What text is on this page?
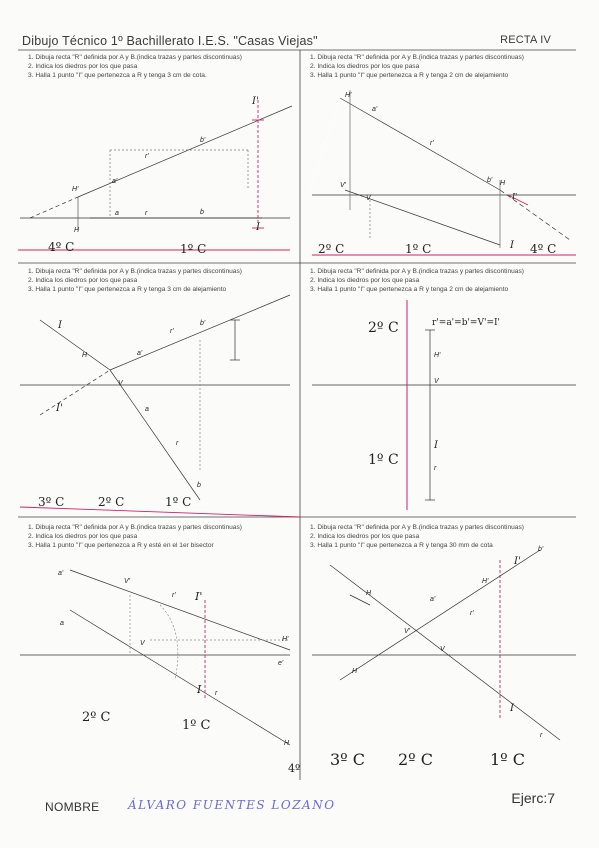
Dibujo Técnico 1º Bachillerato I.E.S. "Casas Viejas"	RECTA IV
1. Dibuja recta "R" definida por A y B.(indica trazas y partes discontinuas)
2. Indica los diedros por los que pasa
3. Halla 1 punto "I" que pertenezca a R y tenga 3 cm de cota.
H'
H
a'
r'
b'
I'
I
a	r	b
4º C	1º C
1. Dibuja recta "R" definida por A y B.(indica trazas y partes discontinuas)
2. Indica los diedros por los que pasa
3. Halla 1 punto "I" que pertenezca a R y tenga 2 cm de alejamiento
H'
a'
r'
V'	H
V
b'
I'
I
2º C	1º C	4º C
1. Dibuja recta "R" definida por A y B.(indica trazas y partes discontinuas)
2. Indica los diedros por los que pasa
3. Halla 1 punto "I" que pertenezca a R y tenga 3 cm de alejamiento
I
H	a'
r'
b'
V
I'	a
r
b
3º C	2º C	1º C
1. Dibuja recta "R" definida por A y B.(indica trazas y partes discontinuas)
2. Indica los diedros por los que pasa
3. Halla 1 punto "I" que pertenezca a R y tenga 2 cm de alejamiento
H'
V
I
r
2º C
1º C
r'=a'=b'=V'=I'
1. Dibuja recta "R" definida por A y B.(indica trazas y partes discontinuas)
2. Indica los diedros por los que pasa
3. Halla 1 punto "I" que pertenezca a R y esté en el 1er bisector
a'
V'
r'
a
V
H'
e'
r
H
2º C
1º C
4º
I'
I
1. Dibuja recta "R" definida por A y B.(indica trazas y partes discontinuas)
2. Indica los diedros por los que pasa
3. Halla 1 punto "I" que pertenezca a R y tenga 30 mm de cota
b'
H'
a'
V'
H
V
H
r'
r
3º C 2º C	1º C
I'
I
NOMBRE ÁLVARO FUENTES LOZANO	Ejerc:7
